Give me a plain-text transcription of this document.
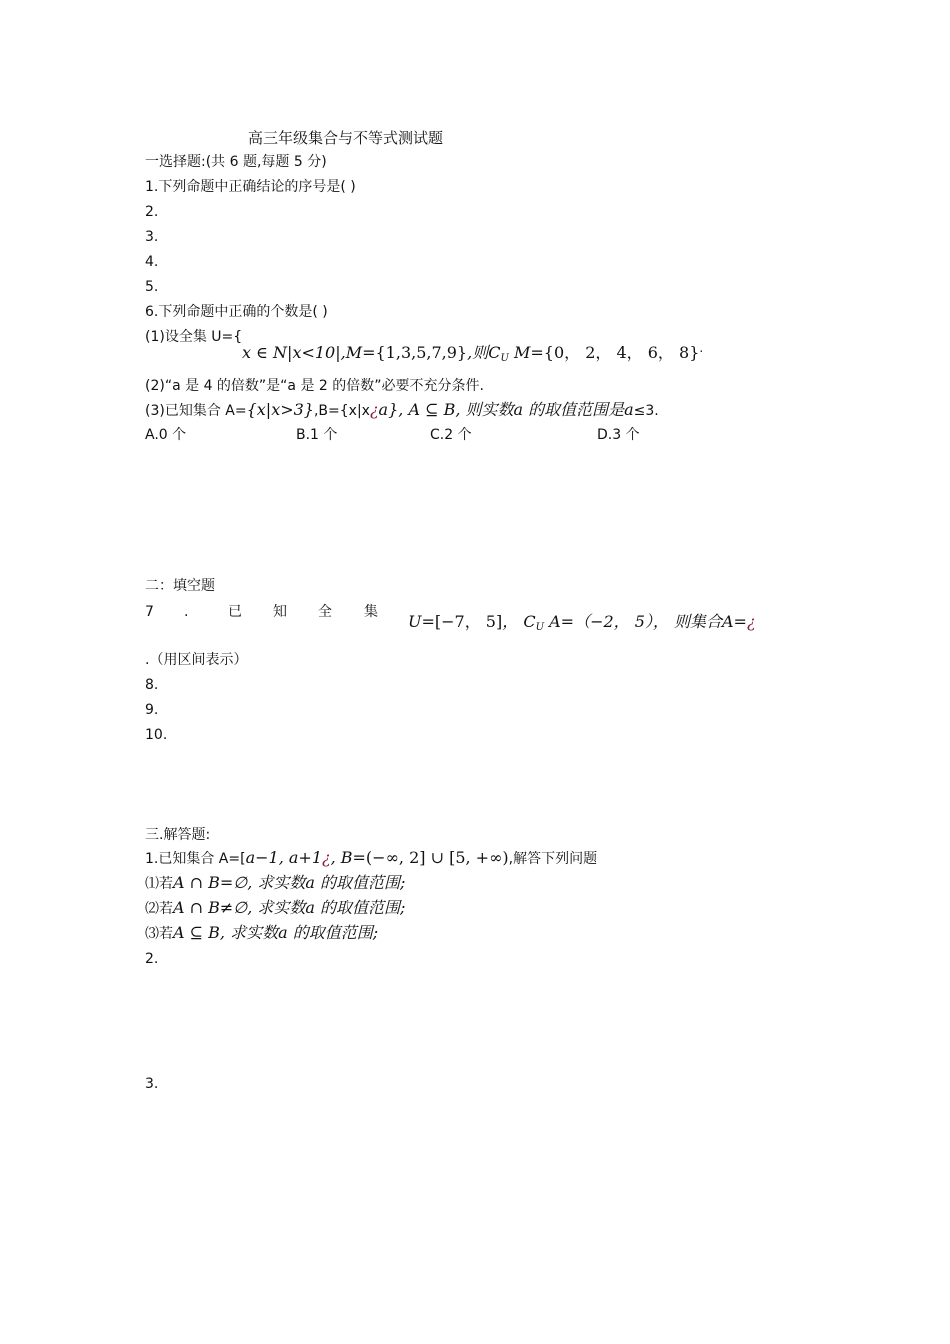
高三年级集合与不等式测试题
一选择题:(共 6 题,每题 5 分)
1.下列命题中正确结论的序号是( )
2.
3.
4.
5.
6.下列命题中正确的个数是( )
(1)设全集 U={
x ∈ N|x<10|,M={1,3,5,7,9},则$C_U$ M={0， 2， 4， 6， 8}.
(2)“a 是 4 的倍数”是“a 是 2 的倍数”必要不充分条件.
(3)已知集合 A={x|x>3},B={x|x¿a}, A ⊆ B, 则实数a 的取值范围是a≤3.
A.0 个	B.1 个	C.2 个	D.3 个
二：填空题
7 .	已 知 全 集 U=[−7， 5]， $C_U$ A=（−2， 5）， 则集合A=¿
.（用区间表示）
8.
9.
10.
三.解答题:
1.已知集合 A=[a−1, a+1¿, B=(−∞, 2] ∪ [5, +∞),解答下列问题
⑴若A ∩ B=∅, 求实数a 的取值范围;
⑵若A ∩ B≠∅, 求实数a 的取值范围;
⑶若A ⊆ B, 求实数a 的取值范围;
2.
3.
